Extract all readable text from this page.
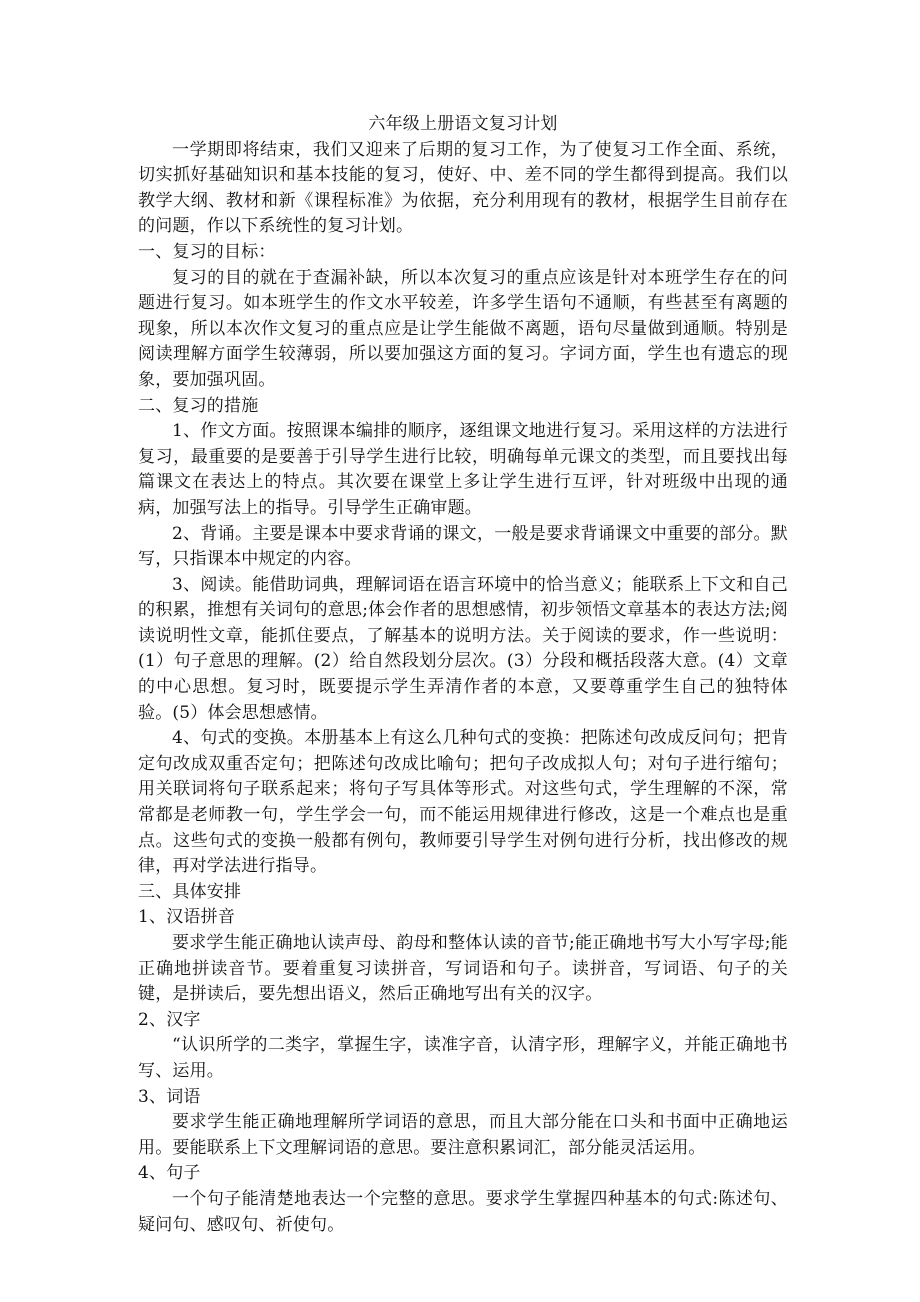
六年级上册语文复习计划

一学期即将结束，我们又迎来了后期的复习工作，为了使复习工作全面、系统，切实抓好基础知识和基本技能的复习，使好、中、差不同的学生都得到提高。我们以教学大纲、教材和新《课程标准》为依据，充分利用现有的教材，根据学生目前存在的问题，作以下系统性的复习计划。

一、复习的目标：

复习的目的就在于查漏补缺，所以本次复习的重点应该是针对本班学生存在的问题进行复习。如本班学生的作文水平较差，许多学生语句不通顺，有些甚至有离题的现象，所以本次作文复习的重点应是让学生能做不离题，语句尽量做到通顺。特别是阅读理解方面学生较薄弱，所以要加强这方面的复习。字词方面，学生也有遗忘的现象，要加强巩固。

二、复习的措施

1、作文方面。按照课本编排的顺序，逐组课文地进行复习。采用这样的方法进行复习，最重要的是要善于引导学生进行比较，明确每单元课文的类型，而且要找出每篇课文在表达上的特点。其次要在课堂上多让学生进行互评，针对班级中出现的通病，加强写法上的指导。引导学生正确审题。

2、背诵。主要是课本中要求背诵的课文，一般是要求背诵课文中重要的部分。默写，只指课本中规定的内容。

3、阅读。能借助词典，理解词语在语言环境中的恰当意义；能联系上下文和自己的积累，推想有关词句的意思;体会作者的思想感情，初步领悟文章基本的表达方法;阅读说明性文章，能抓住要点，了解基本的说明方法。关于阅读的要求，作一些说明：(1）句子意思的理解。(2）给自然段划分层次。(3）分段和概括段落大意。(4）文章的中心思想。复习时，既要提示学生弄清作者的本意，又要尊重学生自己的独特体验。(5）体会思想感情。

4、句式的变换。本册基本上有这么几种句式的变换：把陈述句改成反问句；把肯定句改成双重否定句；把陈述句改成比喻句；把句子改成拟人句；对句子进行缩句；用关联词将句子联系起来；将句子写具体等形式。对这些句式，学生理解的不深，常常都是老师教一句，学生学会一句，而不能运用规律进行修改，这是一个难点也是重点。这些句式的变换一般都有例句，教师要引导学生对例句进行分析，找出修改的规律，再对学法进行指导。

三、具体安排

1、汉语拼音

要求学生能正确地认读声母、韵母和整体认读的音节;能正确地书写大小写字母;能正确地拼读音节。要着重复习读拼音，写词语和句子。读拼音，写词语、句子的关键，是拼读后，要先想出语义，然后正确地写出有关的汉字。

2、汉字

“认识所学的二类字，掌握生字，读准字音，认清字形，理解字义，并能正确地书写、运用。

3、词语

要求学生能正确地理解所学词语的意思，而且大部分能在口头和书面中正确地运用。要能联系上下文理解词语的意思。要注意积累词汇，部分能灵活运用。

4、句子

一个句子能清楚地表达一个完整的意思。要求学生掌握四种基本的句式:陈述句、疑问句、感叹句、祈使句。
